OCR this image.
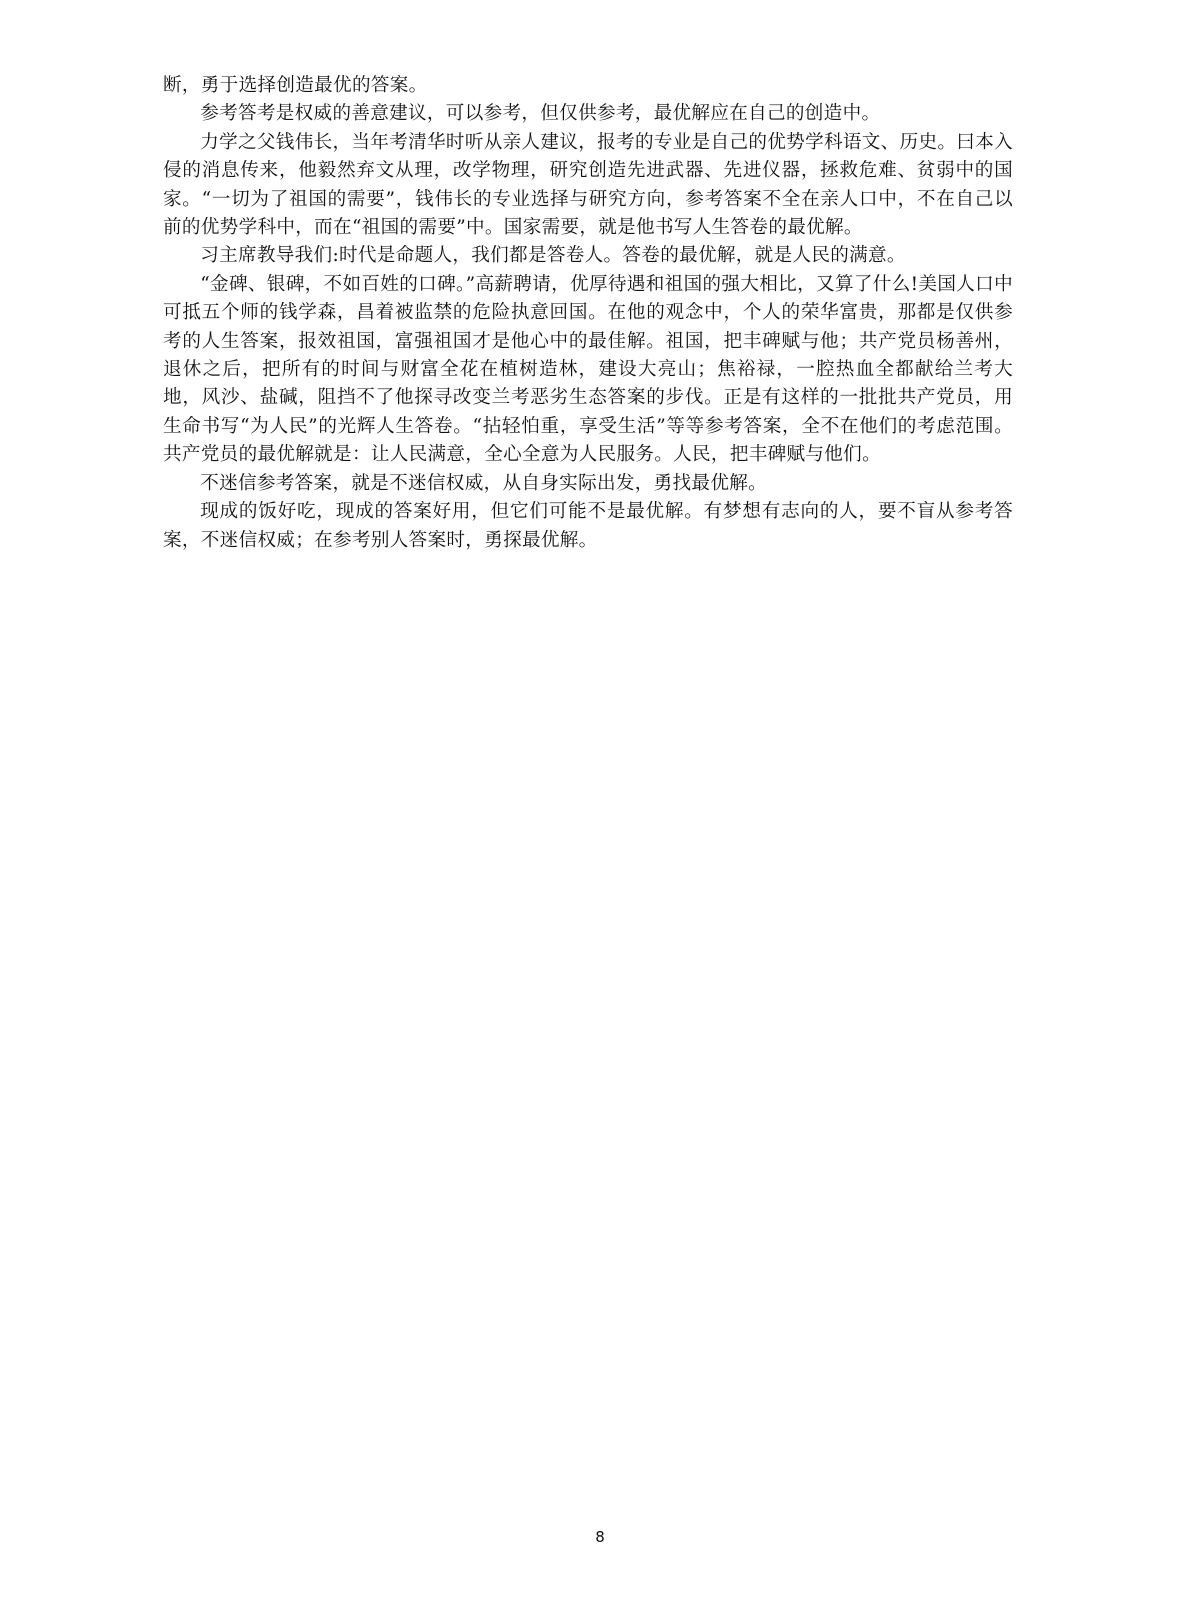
断，勇于选择创造最优的答案。

参考答考是权威的善意建议，可以参考，但仅供参考，最优解应在自己的创造中。

力学之父钱伟长，当年考清华时听从亲人建议，报考的专业是自己的优势学科语文、历史。曰本入侵的消息传来，他毅然弃文从理，改学物理，研究创造先进武器、先进仪器，拯救危难、贫弱中的国家。“一切为了祖国的需要”，钱伟长的专业选择与研究方向，参考答案不全在亲人口中，不在自己以前的优势学科中，而在“祖国的需要”中。国家需要，就是他书写人生答卷的最优解。

习主席教导我们:时代是命题人，我们都是答卷人。答卷的最优解，就是人民的满意。

“金碑、银碑，不如百姓的口碑。”高薪聘请，优厚待遇和祖国的强大相比，又算了什么!美国人口中可抵五个师的钱学森，昌着被监禁的危险执意回国。在他的观念中，个人的荣华富贵，那都是仅供参考的人生答案，报效祖国，富强祖国才是他心中的最佳解。祖国，把丰碑赋与他；共产党员杨善州，退休之后，把所有的时间与财富全花在植树造林，建设大亮山；焦裕禄，一腔热血全都献给兰考大地，风沙、盐碱，阻挡不了他探寻改变兰考恶劣生态答案的步伐。正是有这样的一批批共产党员，用生命书写“为人民”的光辉人生答卷。“拈轻怕重，享受生活”等等参考答案，全不在他们的考虑范围。共产党员的最优解就是：让人民满意，全心全意为人民服务。人民，把丰碑赋与他们。

不迷信参考答案，就是不迷信权威，从自身实际出发，勇找最优解。

现成的饭好吃，现成的答案好用，但它们可能不是最优解。有梦想有志向的人，要不盲从参考答案，不迷信权威；在参考别人答案时，勇探最优解。

8
